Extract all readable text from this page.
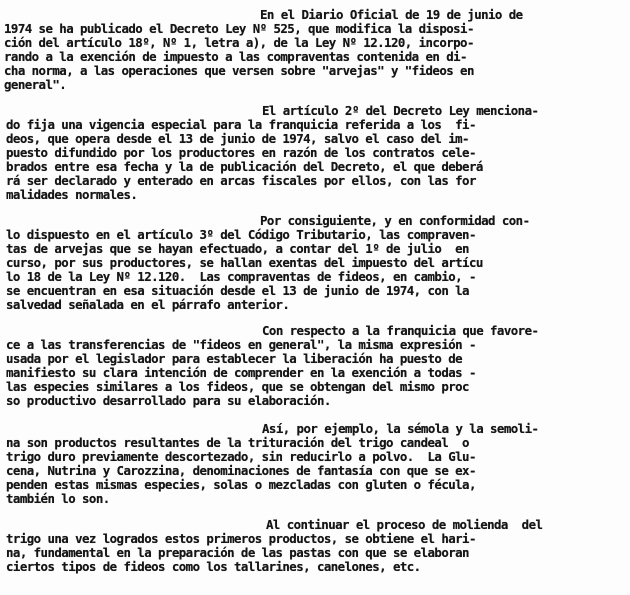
En el Diario Oficial de 19 de junio de
1974 se ha publicado el Decreto Ley Nº 525, que modifica la disposi-
ción del artículo 18º, Nº 1, letra a), de la Ley Nº 12.120, incorpo-
rando a la exención de impuesto a las compraventas contenida en di-
cha norma, a las operaciones que versen sobre "arvejas" y "fideos en
general".
El artículo 2º del Decreto Ley menciona-
do fija una vigencia especial para la franquicia referida a los  fi-
deos, que opera desde el 13 de junio de 1974, salvo el caso del im-
puesto difundido por los productores en razón de los contratos cele-
brados entre esa fecha y la de publicación del Decreto, el que deberá
rá ser declarado y enterado en arcas fiscales por ellos, con las for
malidades normales.
Por consiguiente, y en conformidad con-
lo dispuesto en el artículo 3º del Código Tributario, las compraven-
tas de arvejas que se hayan efectuado, a contar del 1º de julio  en
curso, por sus productores, se hallan exentas del impuesto del artícu
lo 18 de la Ley Nº 12.120.  Las compraventas de fideos, en cambio, -
se encuentran en esa situación desde el 13 de junio de 1974, con la
salvedad señalada en el párrafo anterior.
Con respecto a la franquicia que favore-
ce a las transferencias de "fideos en general", la misma expresión -
usada por el legislador para establecer la liberación ha puesto de
manifiesto su clara intención de comprender en la exención a todas -
las especies similares a los fideos, que se obtengan del mismo proc
so productivo desarrollado para su elaboración.
Así, por ejemplo, la sémola y la semoli-
na son productos resultantes de la trituración del trigo candeal  o
trigo duro previamente descortezado, sin reducirlo a polvo.  La Glu-
cena, Nutrina y Carozzina, denominaciones de fantasía con que se ex-
penden estas mismas especies, solas o mezcladas con gluten o fécula,
también lo son.
Al continuar el proceso de molienda  del
trigo una vez logrados estos primeros productos, se obtiene el hari-
na, fundamental en la preparación de las pastas con que se elaboran
ciertos tipos de fideos como los tallarines, canelones, etc.
